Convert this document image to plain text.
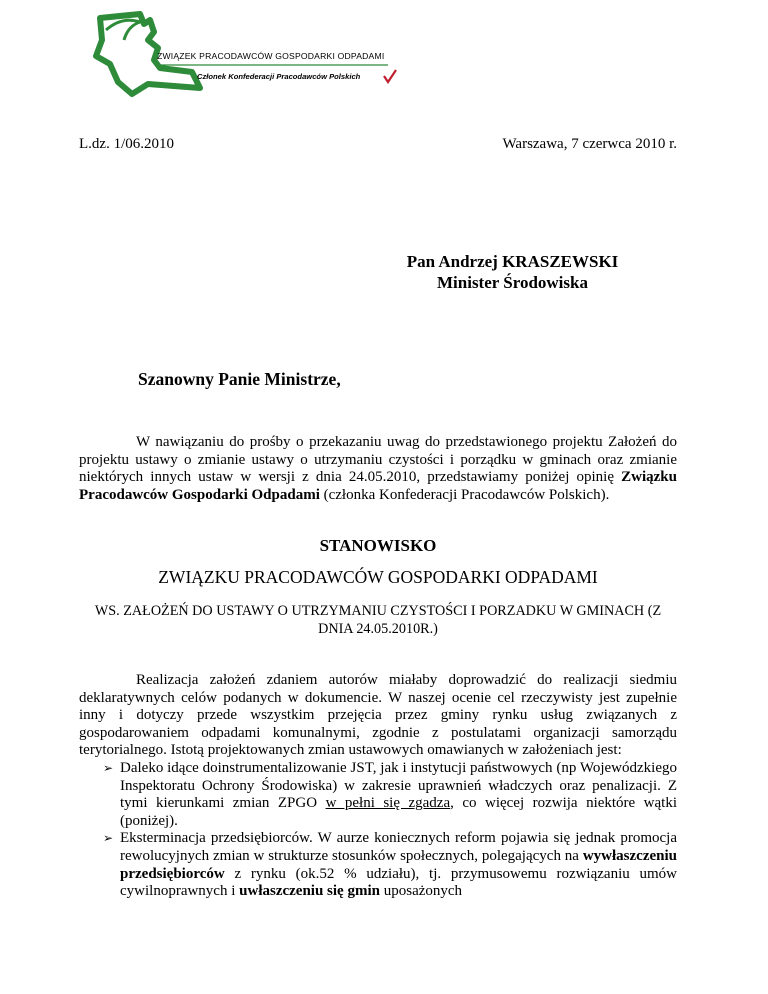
ZWIĄZEK PRACODAWCÓW GOSPODARKI ODPADAMI
Członek Konfederacji Pracodawców Polskich
L.dz. 1/06.2010	Warszawa, 7 czerwca 2010 r.
Pan Andrzej KRASZEWSKI
Minister Środowiska
Szanowny Panie Ministrze,

W nawiązaniu do prośby o przekazaniu uwag do przedstawionego projektu Założeń do projektu ustawy o zmianie ustawy o utrzymaniu czystości i porządku w gminach oraz zmianie niektórych innych ustaw w wersji z dnia 24.05.2010, przedstawiamy poniżej opinię Związku Pracodawców Gospodarki Odpadami (członka Konfederacji Pracodawców Polskich).

STANOWISKO
ZWIĄZKU PRACODAWCÓW GOSPODARKI ODPADAMI
WS. ZAŁOŻEŃ DO USTAWY O UTRZYMANIU CZYSTOŚCI I PORZADKU W GMINACH (Z DNIA 24.05.2010R.)

Realizacja założeń zdaniem autorów miałaby doprowadzić do realizacji siedmiu deklaratywnych celów podanych w dokumencie. W naszej ocenie cel rzeczywisty jest zupełnie inny i dotyczy przede wszystkim przejęcia przez gminy rynku usług związanych z gospodarowaniem odpadami komunalnymi, zgodnie z postulatami organizacji samorządu terytorialnego. Istotą projektowanych zmian ustawowych omawianych w założeniach jest:

➢ Daleko idące doinstrumentalizowanie JST, jak i instytucji państwowych (np Wojewódzkiego Inspektoratu Ochrony Środowiska) w zakresie uprawnień władczych oraz penalizacji. Z tymi kierunkami zmian ZPGO w pełni się zgadza, co więcej rozwija niektóre wątki (poniżej).
➢ Eksterminacja przedsiębiorców. W aurze koniecznych reform pojawia się jednak promocja rewolucyjnych zmian w strukturze stosunków społecznych, polegających na wywłaszczeniu przedsiębiorców z rynku (ok.52 % udziału), tj. przymusowemu rozwiązaniu umów cywilnoprawnych i uwłaszczeniu się gmin uposażonych
